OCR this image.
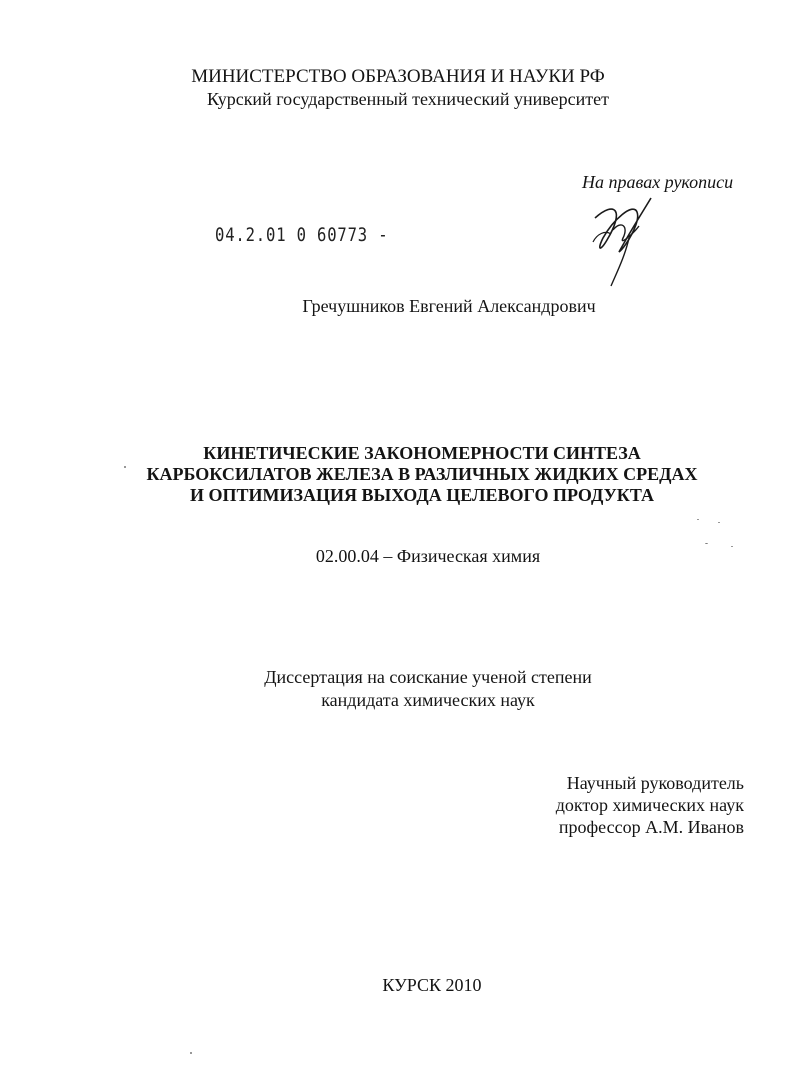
МИНИСТЕРСТВО ОБРАЗОВАНИЯ И НАУКИ РФ
Курский государственный технический университет
На правах рукописи
04.2.01 0 60773 -
Гречушников Евгений Александрович
КИНЕТИЧЕСКИЕ ЗАКОНОМЕРНОСТИ СИНТЕЗА
КАРБОКСИЛАТОВ ЖЕЛЕЗА В РАЗЛИЧНЫХ ЖИДКИХ СРЕДАХ
И ОПТИМИЗАЦИЯ ВЫХОДА ЦЕЛЕВОГО ПРОДУКТА
02.00.04 – Физическая химия
Диссертация на соискание ученой степени
кандидата химических наук
Научный руководитель
доктор химических наук
профессор А.М. Иванов
КУРСК 2010
